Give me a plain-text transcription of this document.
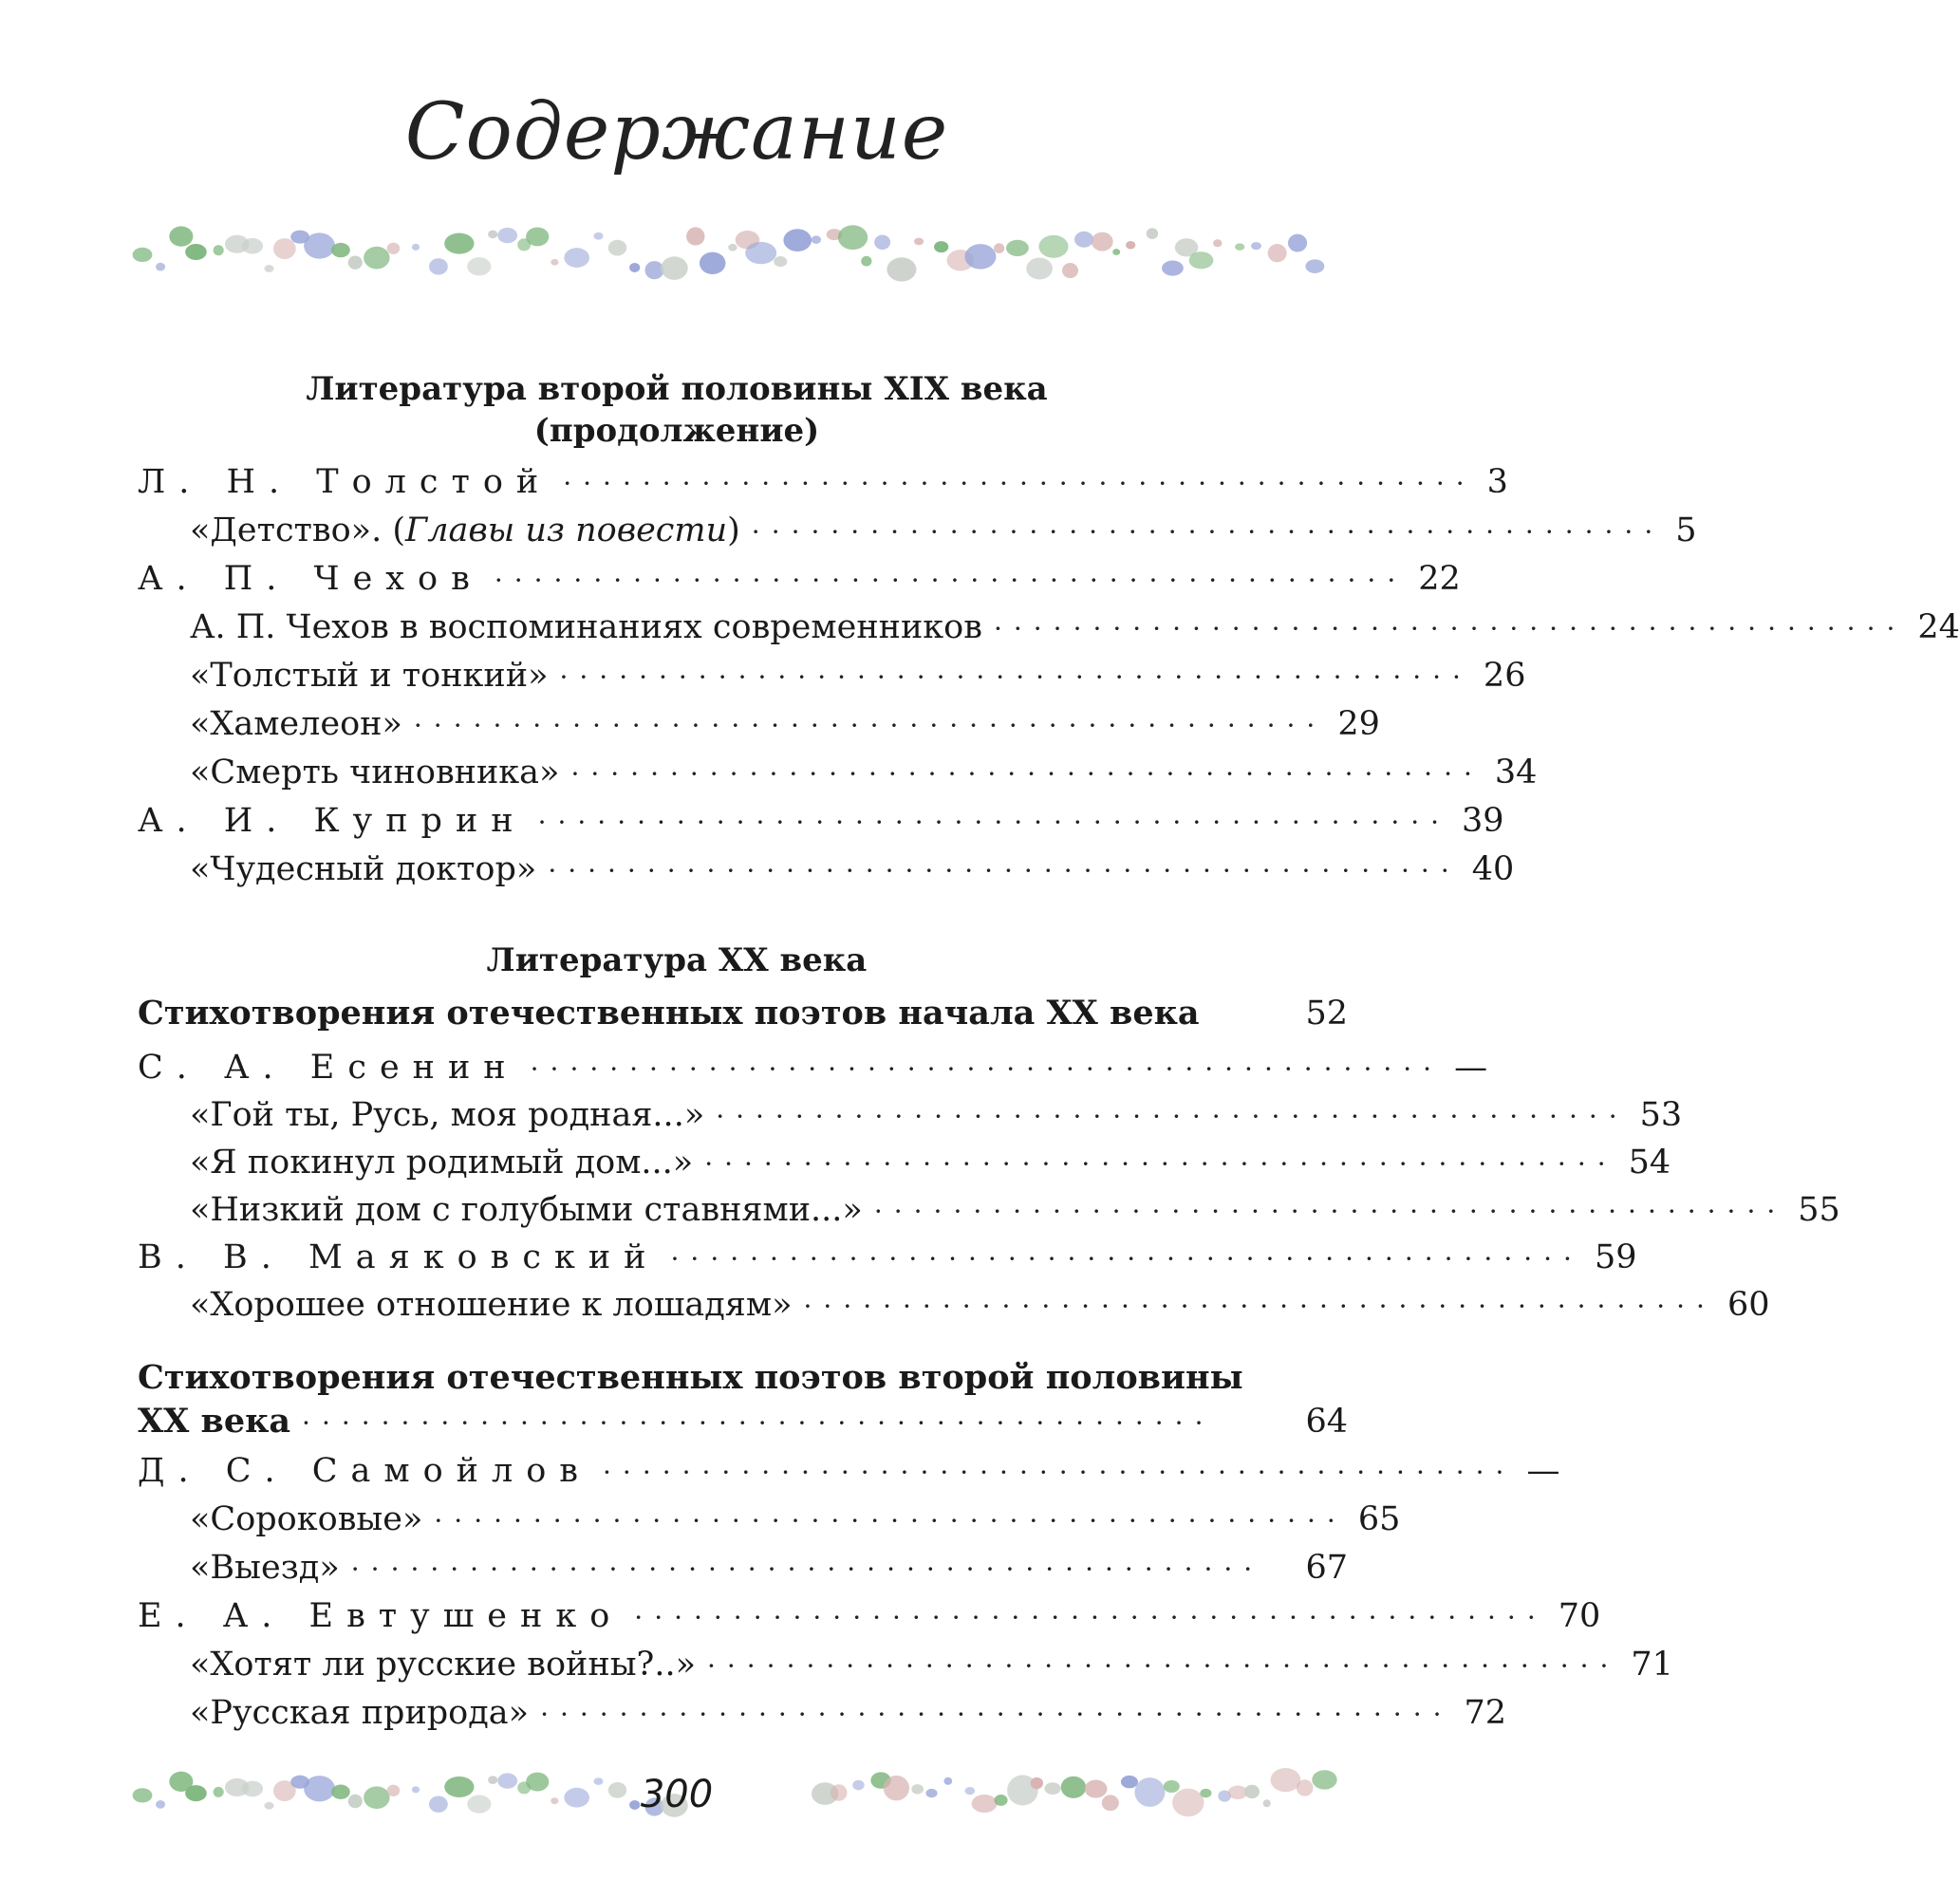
Содержание
Литература второй половины XIX века
(продолжение)
Л. Н. Толстой ·············································· 3
«Детство». (Главы из повести) ·············································· 5
А. П. Чехов ·············································· 22
А. П. Чехов в воспоминаниях современников ·············································· 24
«Толстый и тонкий» ·············································· 26
«Хамелеон» ·············································· 29
«Смерть чиновника» ·············································· 34
А. И. Куприн ·············································· 39
«Чудесный доктор» ·············································· 40
Литература XX века
Стихотворения отечественных поэтов начала XX века	52
С. А. Есенин ·············································· —
«Гой ты, Русь, моя родная...» ·············································· 53
«Я покинул родимый дом...» ·············································· 54
«Низкий дом с голубыми ставнями...» ·············································· 55
В. В. Маяковский ·············································· 59
«Хорошее отношение к лошадям» ·············································· 60
Стихотворения отечественных поэтов второй половины
XX века ··············································	64
Д. С. Самойлов ·············································· —
«Сороковые» ·············································· 65
«Выезд» ··············································	67
Е. А. Евтушенко ·············································· 70
«Хотят ли русские войны?..» ·············································· 71
«Русская природа» ·············································· 72
300
